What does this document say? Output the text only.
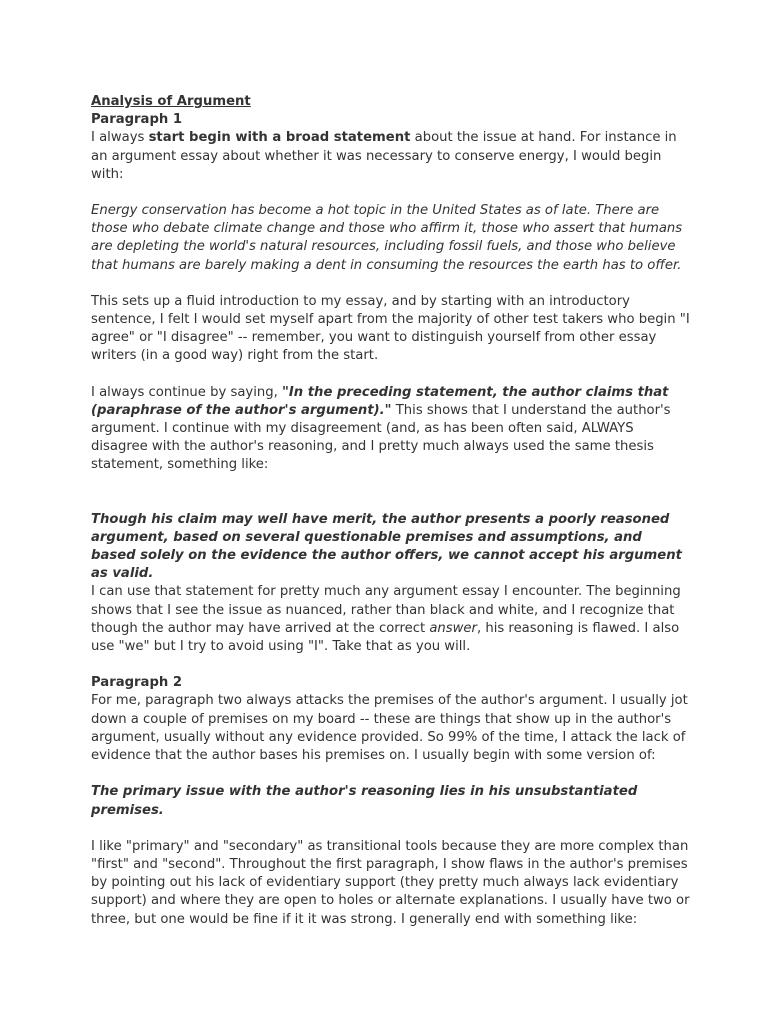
Analysis of Argument

Paragraph 1

I always start begin with a broad statement about the issue at hand. For instance in an argument essay about whether it was necessary to conserve energy, I would begin with:

Energy conservation has become a hot topic in the United States as of late. There are those who debate climate change and those who affirm it, those who assert that humans are depleting the world's natural resources, including fossil fuels, and those who believe that humans are barely making a dent in consuming the resources the earth has to offer.

This sets up a fluid introduction to my essay, and by starting with an introductory sentence, I felt I would set myself apart from the majority of other test takers who begin "I agree" or "I disagree" -- remember, you want to distinguish yourself from other essay writers (in a good way) right from the start.

I always continue by saying, "In the preceding statement, the author claims that (paraphrase of the author's argument)." This shows that I understand the author's argument. I continue with my disagreement (and, as has been often said, ALWAYS disagree with the author's reasoning, and I pretty much always used the same thesis statement, something like:

Though his claim may well have merit, the author presents a poorly reasoned argument, based on several questionable premises and assumptions, and based solely on the evidence the author offers, we cannot accept his argument as valid.

I can use that statement for pretty much any argument essay I encounter. The beginning shows that I see the issue as nuanced, rather than black and white, and I recognize that though the author may have arrived at the correct answer, his reasoning is flawed. I also use "we" but I try to avoid using "I". Take that as you will.

Paragraph 2

For me, paragraph two always attacks the premises of the author's argument. I usually jot down a couple of premises on my board -- these are things that show up in the author's argument, usually without any evidence provided. So 99% of the time, I attack the lack of evidence that the author bases his premises on. I usually begin with some version of:

The primary issue with the author's reasoning lies in his unsubstantiated premises.

I like "primary" and "secondary" as transitional tools because they are more complex than "first" and "second". Throughout the first paragraph, I show flaws in the author's premises by pointing out his lack of evidentiary support (they pretty much always lack evidentiary support) and where they are open to holes or alternate explanations. I usually have two or three, but one would be fine if it it was strong. I generally end with something like:
